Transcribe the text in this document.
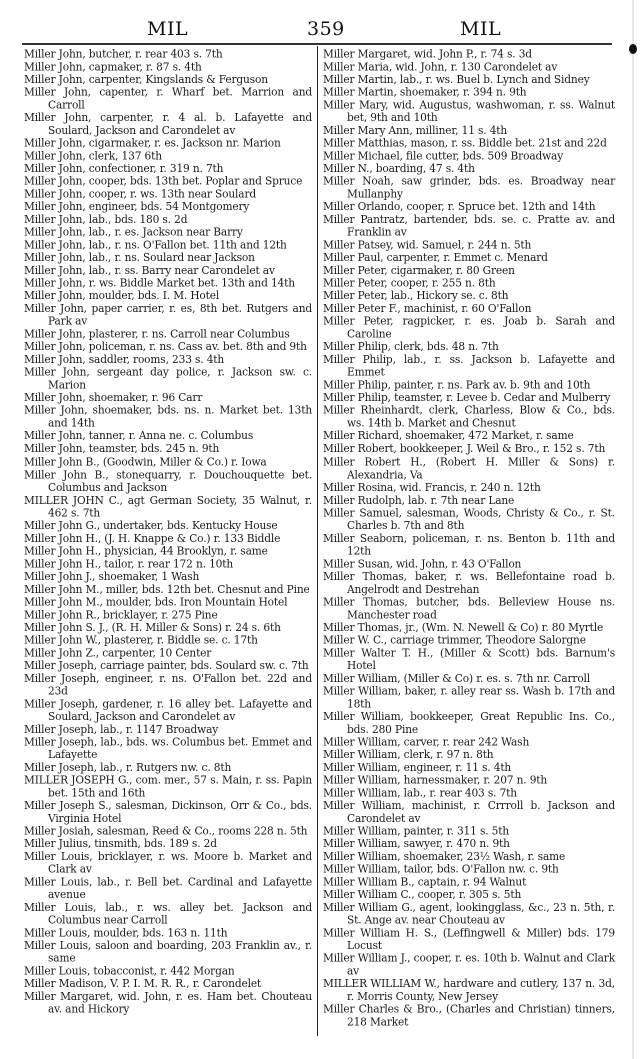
MIL	359	MIL
Miller John, butcher, r. rear 403 s. 7th
Miller John, capmaker, r. 87 s. 4th
Miller John, carpenter, Kingslands & Ferguson
Miller John, capenter, r. Wharf bet. Marrion and Carroll
Miller John, carpenter, r. 4 al. b. Lafayette and Soulard, Jackson and Carondelet av
Miller John, cigarmaker, r. es. Jackson nr. Marion
Miller John, clerk, 137 6th
Miller John, confectioner, r. 319 n. 7th
Miller John, cooper, bds. 13th bet. Poplar and Spruce
Miller John, cooper, r. ws. 13th near Soulard
Miller John, engineer, bds. 54 Montgomery
Miller John, lab., bds. 180 s. 2d
Miller John, lab., r. es. Jackson near Barry
Miller John, lab., r. ns. O'Fallon bet. 11th and 12th
Miller John, lab., r. ns. Soulard near Jackson
Miller John, lab., r. ss. Barry near Carondelet av
Miller John, r. ws. Biddle Market bet. 13th and 14th
Miller John, moulder, bds. I. M. Hotel
Miller John, paper carrier, r. es, 8th bet. Rutgers and Park av
Miller John, plasterer, r. ns. Carroll near Columbus
Miller John, policeman, r. ns. Cass av. bet. 8th and 9th
Miller John, saddler, rooms, 233 s. 4th
Miller John, sergeant day police, r. Jackson sw. c. Marion
Miller John, shoemaker, r. 96 Carr
Miller John, shoemaker, bds. ns. n. Market bet. 13th and 14th
Miller John, tanner, r. Anna ne. c. Columbus
Miller John, teamster, bds. 245 n. 9th
Miller John B., (Goodwin, Miller & Co.) r. Iowa
Miller John B., stonequarry, r. Douchouquette bet. Columbus and Jackson
MILLER JOHN C., agt German Society, 35 Walnut, r. 462 s. 7th
Miller John G., undertaker, bds. Kentucky House
Miller John H., (J. H. Knappe & Co.) r. 133 Biddle
Miller John H., physician, 44 Brooklyn, r. same
Miller John H., tailor, r. rear 172 n. 10th
Miller John J., shoemaker, 1 Wash
Miller John M., miller, bds. 12th bet. Chesnut and Pine
Miller John M., moulder, bds. Iron Mountain Hotel
Miller John R., bricklayer, r. 275 Pine
Miller John S. J., (R. H. Miller & Sons) r. 24 s. 6th
Miller John W., plasterer, r. Biddle se. c. 17th
Miller John Z., carpenter, 10 Center
Miller Joseph, carriage painter, bds. Soulard sw. c. 7th
Miller Joseph, engineer, r. ns. O'Fallon bet. 22d and 23d
Miller Joseph, gardener, r. 16 alley bet. Lafayette and Soulard, Jackson and Carondelet av
Miller Joseph, lab., r. 1147 Broadway
Miller Joseph, lab., bds. ws. Columbus bet. Emmet and Lafayette
Miller Joseph, lab., r. Rutgers nw. c. 8th
MILLER JOSEPH G., com. mer., 57 s. Main, r. ss. Papin bet. 15th and 16th
Miller Joseph S., salesman, Dickinson, Orr & Co., bds. Virginia Hotel
Miller Josiah, salesman, Reed & Co., rooms 228 n. 5th
Miller Julius, tinsmith, bds. 189 s. 2d
Miller Louis, bricklayer, r. ws. Moore b. Market and Clark av
Miller Louis, lab., r. Bell bet. Cardinal and Lafayette avenue
Miller Louis, lab., r. ws. alley bet. Jackson and Columbus near Carroll
Miller Louis, moulder, bds. 163 n. 11th
Miller Louis, saloon and boarding, 203 Franklin av., r. same
Miller Louis, tobacconist, r. 442 Morgan
Miller Madison, V. P. I. M. R. R., r. Carondelet
Miller Margaret, wid. John, r. es. Ham bet. Chouteau av. and Hickory
Miller Margaret, wid. John P., r. 74 s. 3d
Miller Maria, wid. John, r. 130 Carondelet av
Miller Martin, lab., r. ws. Buel b. Lynch and Sidney
Miller Martin, shoemaker, r. 394 n. 9th
Miller Mary, wid. Augustus, washwoman, r. ss. Walnut bet, 9th and 10th
Miller Mary Ann, milliner, 11 s. 4th
Miller Matthias, mason, r. ss. Biddle bet. 21st and 22d
Miller Michael, file cutter, bds. 509 Broadway
Miller N., boarding, 47 s. 4th
Miller Noah, saw grinder, bds. es. Broadway near Mullanphy
Miller Orlando, cooper, r. Spruce bet. 12th and 14th
Miller Pantratz, bartender, bds. se. c. Pratte av. and Franklin av
Miller Patsey, wid. Samuel, r. 244 n. 5th
Miller Paul, carpenter, r. Emmet c. Menard
Miller Peter, cigarmaker, r. 80 Green
Miller Peter, cooper, r. 255 n. 8th
Miller Peter, lab., Hickory se. c. 8th
Miller Peter F., machinist, r. 60 O'Fallon
Miller Peter, ragpicker, r. es. Joab b. Sarah and Caroline
Miller Philip, clerk, bds. 48 n. 7th
Miller Philip, lab., r. ss. Jackson b. Lafayette and Emmet
Miller Philip, painter, r. ns. Park av. b. 9th and 10th
Miller Philip, teamster, r. Levee b. Cedar and Mulberry
Miller Rheinhardt, clerk, Charless, Blow & Co., bds. ws. 14th b. Market and Chesnut
Miller Richard, shoemaker, 472 Market, r. same
Miller Robert, bookkeeper, J. Weil & Bro., r. 152 s. 7th
Miller Robert H., (Robert H. Miller & Sons) r. Alexandria, Va
Miller Rosina, wid. Francis, r. 240 n. 12th
Miller Rudolph, lab. r. 7th near Lane
Miller Samuel, salesman, Woods, Christy & Co., r. St. Charles b. 7th and 8th
Miller Seaborn, policeman, r. ns. Benton b. 11th and 12th
Miller Susan, wid. John, r. 43 O'Fallon
Miller Thomas, baker, r. ws. Bellefontaine road b. Angelrodt and Destrehan
Miller Thomas, butcher, bds. Belleview House ns. Manchester road
Miller Thomas, jr., (Wm. N. Newell & Co) r. 80 Myrtle
Miller W. C., carriage trimmer, Theodore Salorgne
Miller Walter T. H., (Miller & Scott) bds. Barnum's Hotel
Miller William, (Miller & Co) r. es. s. 7th nr. Carroll
Miller William, baker, r. alley rear ss. Wash b. 17th and 18th
Miller William, bookkeeper, Great Republic Ins. Co., bds. 280 Pine
Miller William, carver, r. rear 242 Wash
Miller William, clerk, r. 97 n. 8th
Miller William, engineer, r. 11 s. 4th
Miller William, harnessmaker, r. 207 n. 9th
Miller William, lab., r. rear 403 s. 7th
Miller William, machinist, r. Crrroll b. Jackson and Carondelet av
Miller William, painter, r. 311 s. 5th
Miller William, sawyer, r. 470 n. 9th
Miller William, shoemaker, 23½ Wash, r. same
Miller William, tailor, bds. O'Fallon nw. c. 9th
Miller William B., captain, r. 94 Walnut
Miller William C., cooper, r. 305 s. 5th
Miller William G., agent, lookingglass, &c., 23 n. 5th, r. St. Ange av. near Chouteau av
Miller William H. S., (Leffingwell & Miller) bds. 179 Locust
Miller William J., cooper, r. es. 10th b. Walnut and Clark av
MILLER WILLIAM W., hardware and cutlery, 137 n. 3d, r. Morris County, New Jersey
Miller Charles & Bro., (Charles and Christian) tinners, 218 Market
